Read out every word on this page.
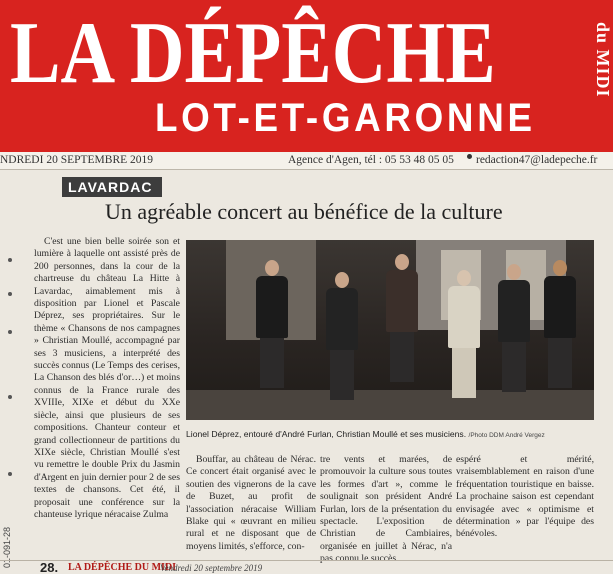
LA DÉPÊCHE	du MIDI
LOT-ET-GARONNE
NDREDI 20 SEPTEMBRE 2019	Agence d'Agen, tél : 05 53 48 05 05 redaction47@ladepeche.fr
LAVARDAC
Un agréable concert au bénéfice de la culture
C'est une bien belle soirée son et lumière à laquelle ont assisté près de 200 personnes, dans la cour de la chartreuse du château La Hitte à Lavardac, aimablement mis à disposition par Lionel et Pascale Déprez, ses propriétaires. Sur le thème « Chansons de nos campagnes » Christian Moullé, accompagné par ses 3 musiciens, a interprété des succès connus (Le Temps des cerises, La Chanson des blés d'or…) et moins connus de la France rurale des XVIIIe, XIXe et début du XXe siècle, ainsi que plusieurs de ses compositions. Chanteur conteur et grand collectionneur de partitions du XIXe siècle, Christian Moullé s'est vu remettre le double Prix du Jasmin d'Argent en juin dernier pour 2 de ses textes de chansons. Cet été, il proposait une conférence sur la chanteuse lyrique néracaise Zulma
Lionel Déprez, entouré d'André Furlan, Christian Moullé et ses musiciens. /Photo DDM André Vergez
Bouffar, au château de Nérac. Ce concert était organisé avec le soutien des vignerons de la cave de Buzet, au profit de l'association néracaise William Blake qui « œuvrant en milieu rural et ne disposant que de moyens limités, s'efforce, con-
tre vents et marées, de promouvoir la culture sous toutes les formes d'art », comme le soulignait son président André Furlan, lors de la présentation du spectacle. L'exposition de Christian de Cambiaires, organisée en juillet à Nérac, n'a pas connu le succès
espéré et mérité, vraisemblablement en raison d'une fréquentation touristique en baisse. La prochaine saison est cependant envisagée avec « optimisme et détermination » par l'équipe des bénévoles.
01-091-28 28. LA DÉPÊCHE DU MIDI
Vendredi 20 septembre 2019
